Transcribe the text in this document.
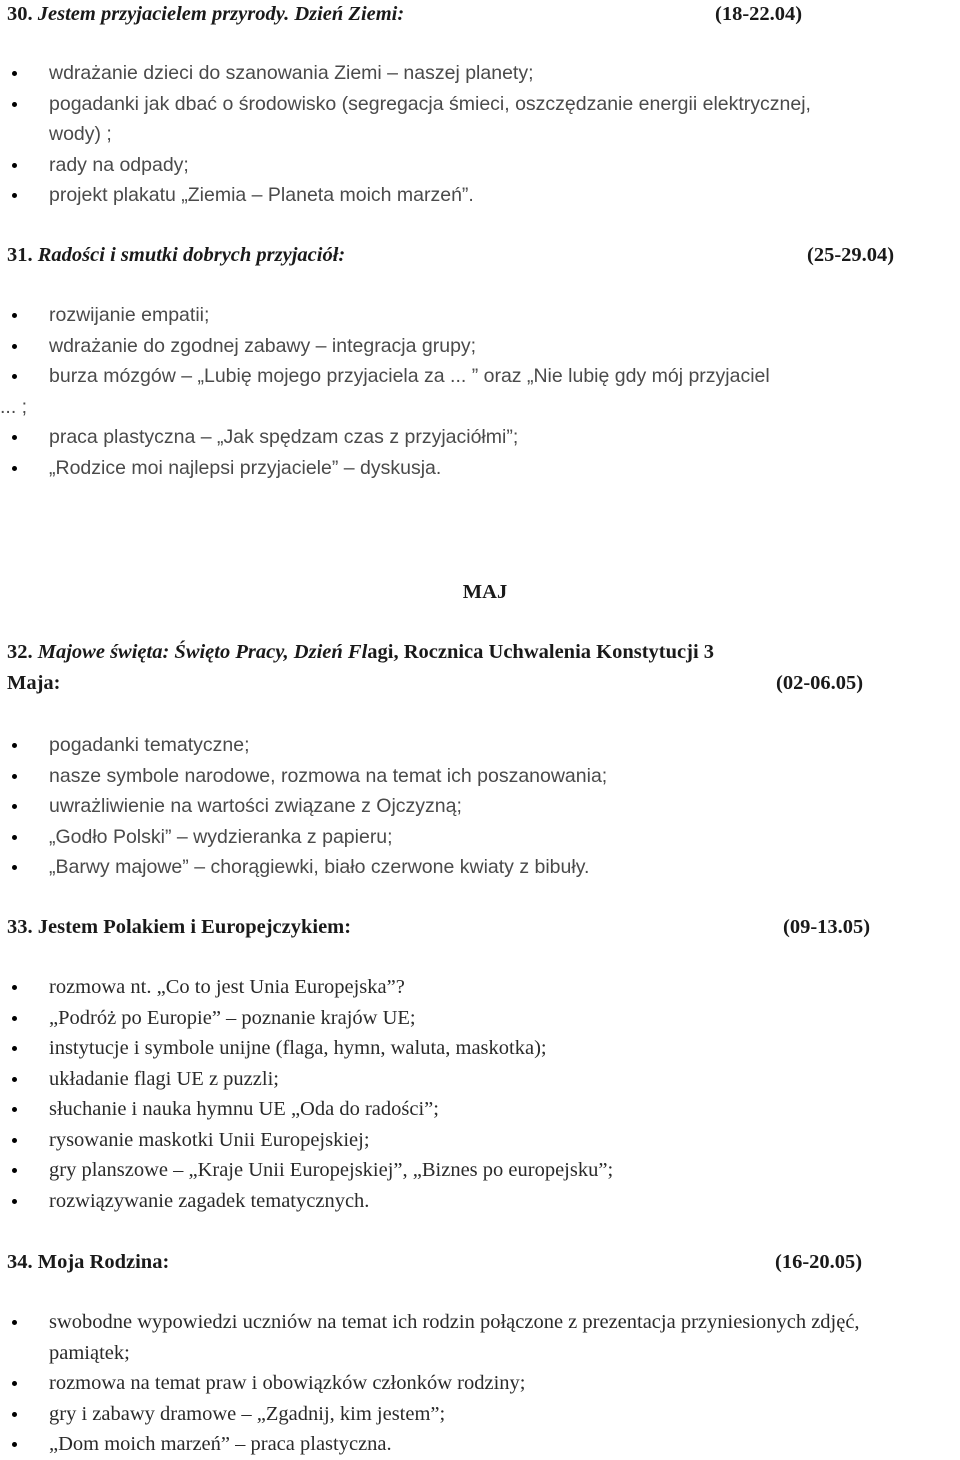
30. Jestem przyjacielem przyrody. Dzień Ziemi:	(18-22.04)
wdrażanie dzieci do szanowania Ziemi – naszej planety;
pogadanki jak dbać o środowisko (segregacja śmieci, oszczędzanie energii elektrycznej, wody) ;
rady na odpady;
projekt plakatu „Ziemia – Planeta moich marzeń”.
31. Radości i smutki dobrych przyjaciół:	(25-29.04)
rozwijanie empatii;
wdrażanie do zgodnej zabawy – integracja grupy;
burza mózgów – „Lubię mojego przyjaciela za ... ” oraz „Nie lubię gdy mój przyjaciel
... ;
praca plastyczna – „Jak spędzam czas z przyjaciółmi”;
„Rodzice moi najlepsi przyjaciele” – dyskusja.
MAJ
32. Majowe święta: Święto Pracy, Dzień Flagi, Rocznica Uchwalenia Konstytucji 3
Maja:	(02-06.05)
pogadanki tematyczne;
nasze symbole narodowe, rozmowa na temat ich poszanowania;
uwrażliwienie na wartości związane z Ojczyzną;
„Godło Polski” – wydzieranka z papieru;
„Barwy majowe” – chorągiewki, biało czerwone kwiaty z bibuły.
33. Jestem Polakiem i Europejczykiem:	(09-13.05)
rozmowa nt. „Co to jest Unia Europejska”?
„Podróż po Europie” – poznanie krajów UE;
instytucje i symbole unijne (flaga, hymn, waluta, maskotka);
układanie flagi UE z puzzli;
słuchanie i nauka hymnu UE „Oda do radości”;
rysowanie maskotki Unii Europejskiej;
gry planszowe – „Kraje Unii Europejskiej”, „Biznes po europejsku”;
rozwiązywanie zagadek tematycznych.
34. Moja Rodzina:	(16-20.05)
swobodne wypowiedzi uczniów na temat ich rodzin połączone z prezentacja przyniesionych zdjęć, pamiątek;
rozmowa na temat praw i obowiązków członków rodziny;
gry i zabawy dramowe – „Zgadnij, kim jestem”;
„Dom moich marzeń” – praca plastyczna.
